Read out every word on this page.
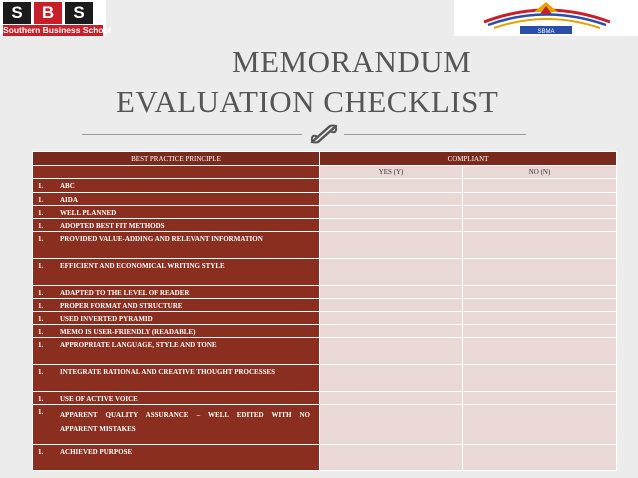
S	B	S
Southern Business School	SBMA
MEMORANDUM
EVALUATION CHECKLIST
BEST PRACTICE PRINCIPLE	COMPLIANT	
	YES (Y)	NO (N)

1. ABC		

1. AIDA		

1. WELL PLANNED		

1. ADOPTED BEST FIT METHODS		

1. PROVIDED VALUE-ADDING AND RELEVANT INFORMATION		

1. EFFICIENT AND ECONOMICAL WRITING STYLE		

1. ADAPTED TO THE LEVEL OF READER		

1. PROPER FORMAT AND STRUCTURE		

1. USED INVERTED PYRAMID		

1. MEMO IS USER-FRIENDLY (READABLE)		

1. APPROPRIATE LANGUAGE, STYLE AND TONE		

1. INTEGRATE RATIONAL AND CREATIVE THOUGHT PROCESSES		

1. USE OF ACTIVE VOICE		

1. APPARENT QUALITY ASSURANCE – WELL EDITED WITH NO
APPARENT MISTAKES		

1. ACHIEVED PURPOSE		
